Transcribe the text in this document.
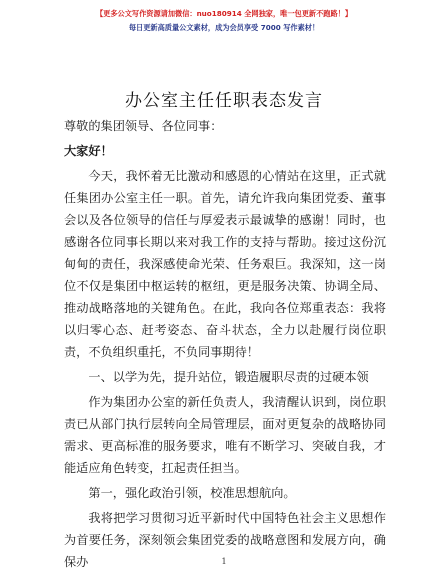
【更多公文写作资源请加微信：nuo180914 全网独家，唯一包更新不跑路！】
每日更新高质量公文素材，成为会员享受 7000 写作素材！
办公室主任任职表态发言

尊敬的集团领导、各位同事：

大家好！

今天，我怀着无比激动和感恩的心情站在这里，正式就任集团办公室主任一职。首先，请允许我向集团党委、董事会以及各位领导的信任与厚爱表示最诚挚的感谢！同时，也感谢各位同事长期以来对我工作的支持与帮助。接过这份沉甸甸的责任，我深感使命光荣、任务艰巨。我深知，这一岗位不仅是集团中枢运转的枢纽，更是服务决策、协调全局、推动战略落地的关键角色。在此，我向各位郑重表态：我将以归零心态、赶考姿态、奋斗状态，全力以赴履行岗位职责，不负组织重托，不负同事期待！

一、以学为先，提升站位，锻造履职尽责的过硬本领

作为集团办公室的新任负责人，我清醒认识到，岗位职责已从部门执行层转向全局管理层，面对更复杂的战略协同需求、更高标准的服务要求，唯有不断学习、突破自我，才能适应角色转变，扛起责任担当。

第一，强化政治引领，校准思想航向。

我将把学习贯彻习近平新时代中国特色社会主义思想作为首要任务，深刻领会集团党委的战略意图和发展方向，确保办	1
